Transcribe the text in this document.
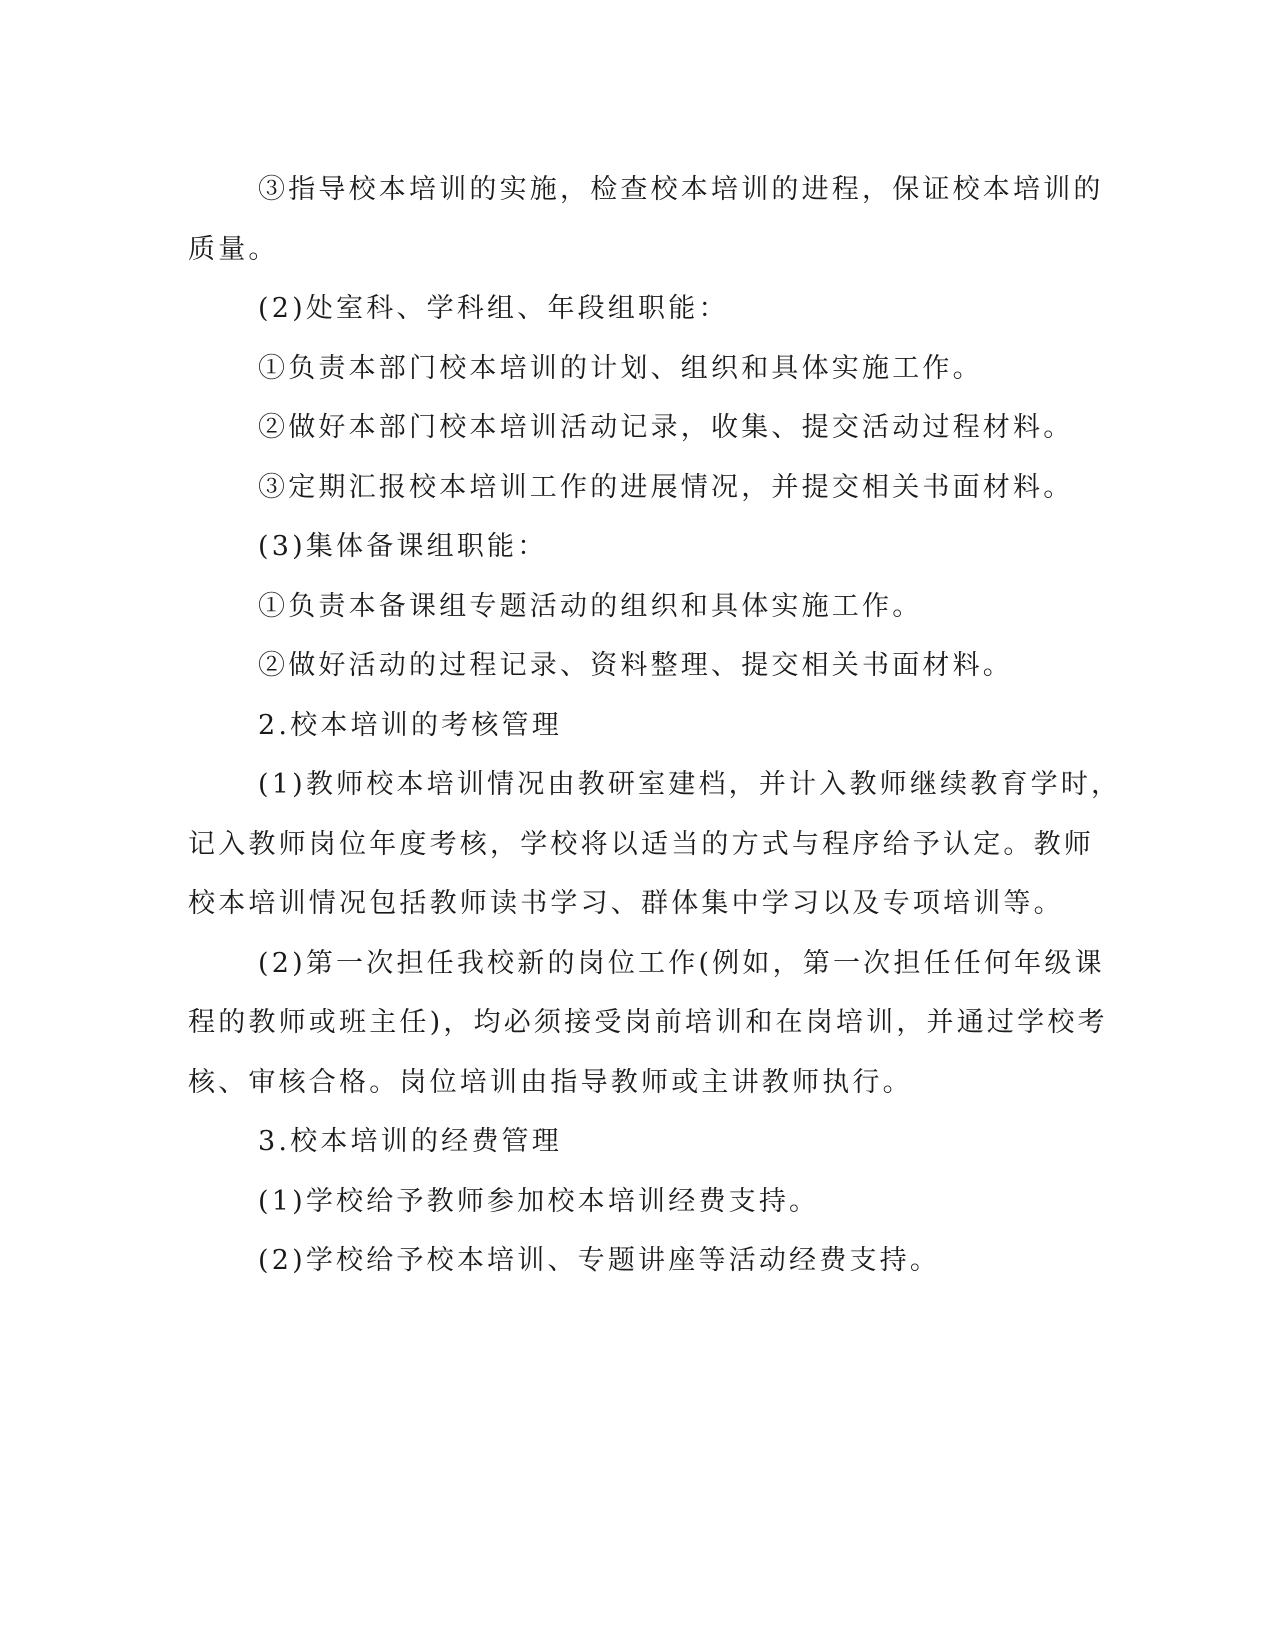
③指导校本培训的实施，检查校本培训的进程，保证校本培训的

质量。

(2)处室科、学科组、年段组职能：

①负责本部门校本培训的计划、组织和具体实施工作。

②做好本部门校本培训活动记录，收集、提交活动过程材料。

③定期汇报校本培训工作的进展情况，并提交相关书面材料。

(3)集体备课组职能：

①负责本备课组专题活动的组织和具体实施工作。

②做好活动的过程记录、资料整理、提交相关书面材料。

2.校本培训的考核管理

(1)教师校本培训情况由教研室建档，并计入教师继续教育学时，

记入教师岗位年度考核，学校将以适当的方式与程序给予认定。教师

校本培训情况包括教师读书学习、群体集中学习以及专项培训等。

(2)第一次担任我校新的岗位工作(例如，第一次担任任何年级课

程的教师或班主任)，均必须接受岗前培训和在岗培训，并通过学校考

核、审核合格。岗位培训由指导教师或主讲教师执行。

3.校本培训的经费管理

(1)学校给予教师参加校本培训经费支持。

(2)学校给予校本培训、专题讲座等活动经费支持。
